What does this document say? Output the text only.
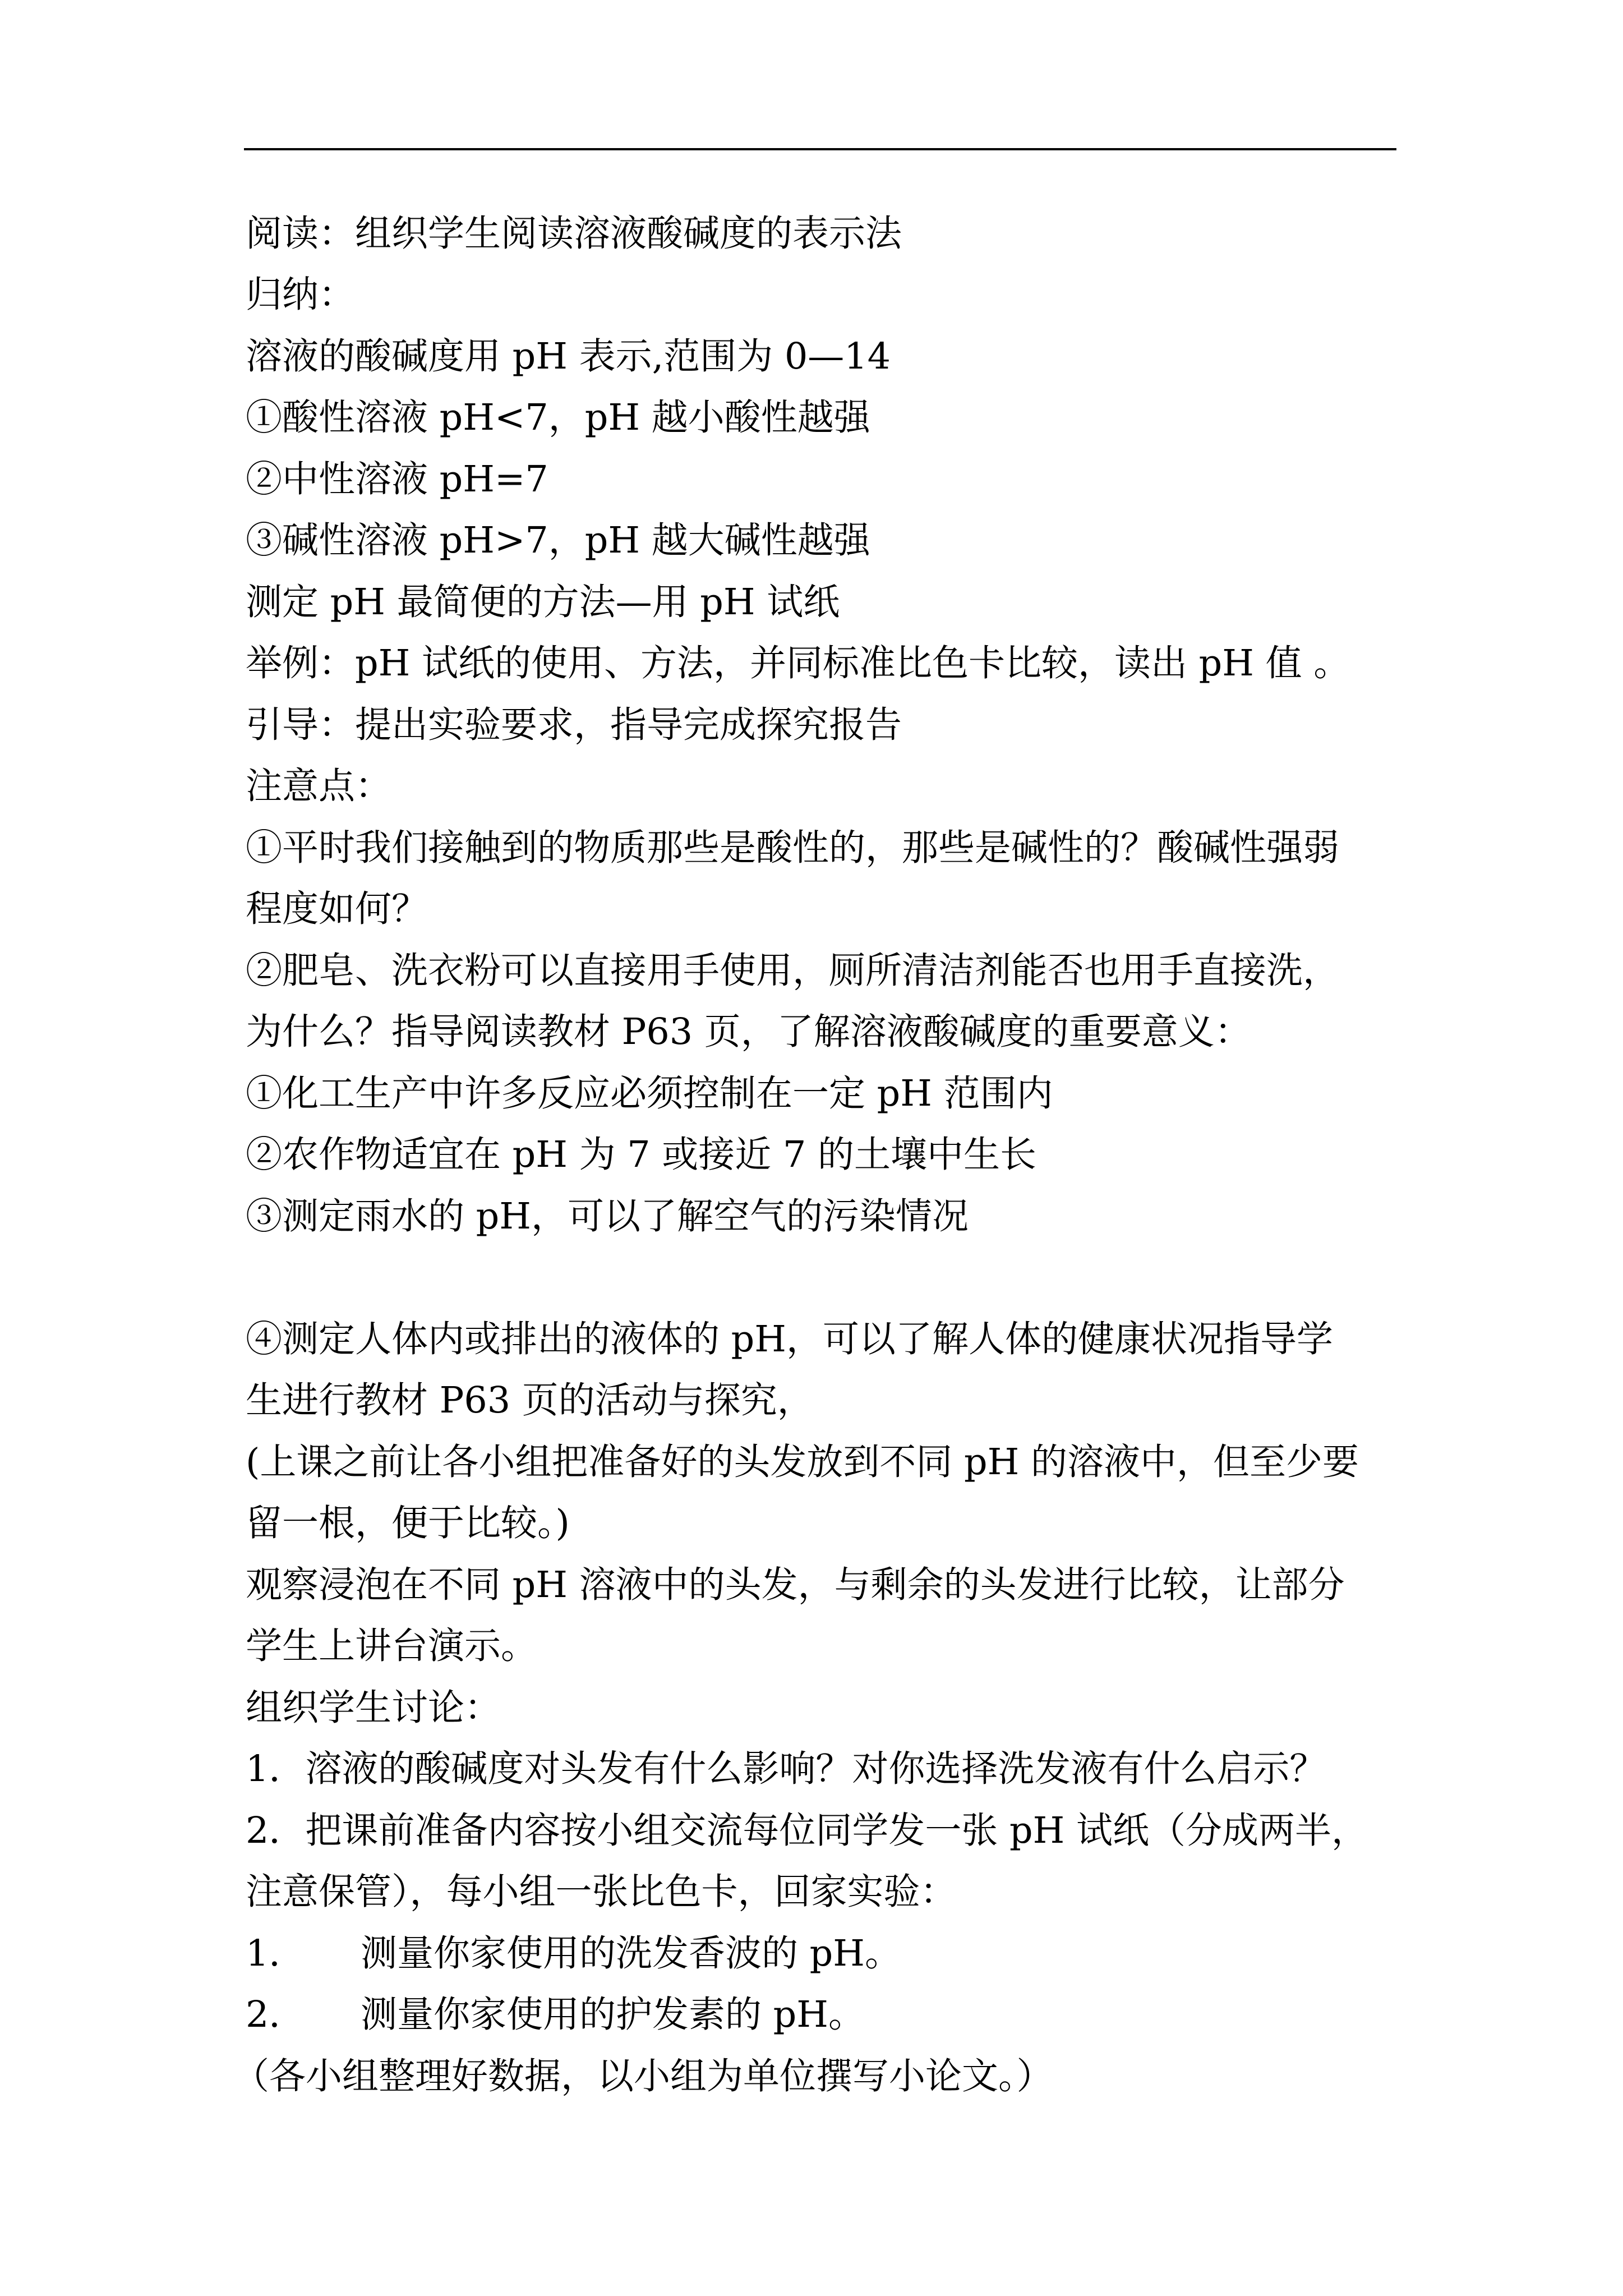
阅读：组织学生阅读溶液酸碱度的表示法
归纳：
溶液的酸碱度用 pH 表示,范围为 0—14
①酸性溶液 pH<7，pH 越小酸性越强
②中性溶液 pH=7
③碱性溶液 pH>7，pH 越大碱性越强
测定 pH 最简便的方法—用 pH 试纸
举例：pH 试纸的使用、方法，并同标准比色卡比较，读出 pH 值 。
引导：提出实验要求，指导完成探究报告
注意点：
①平时我们接触到的物质那些是酸性的，那些是碱性的？酸碱性强弱
程度如何？
②肥皂、洗衣粉可以直接用手使用，厕所清洁剂能否也用手直接洗，
为什么？指导阅读教材 P63 页，了解溶液酸碱度的重要意义：
①化工生产中许多反应必须控制在一定 pH 范围内
②农作物适宜在 pH 为 7 或接近 7 的土壤中生长
③测定雨水的 pH，可以了解空气的污染情况
④测定人体内或排出的液体的 pH，可以了解人体的健康状况指导学
生进行教材 P63 页的活动与探究，
(上课之前让各小组把准备好的头发放到不同 pH 的溶液中，但至少要
留一根，便于比较。)
观察浸泡在不同 pH 溶液中的头发，与剩余的头发进行比较，让部分
学生上讲台演示。
组织学生讨论：
1．溶液的酸碱度对头发有什么影响？对你选择洗发液有什么启示？
2．把课前准备内容按小组交流每位同学发一张 pH 试纸（分成两半，
注意保管），每小组一张比色卡，回家实验：
1． 测量你家使用的洗发香波的 pH。
2． 测量你家使用的护发素的 pH。
（各小组整理好数据，以小组为单位撰写小论文。）
